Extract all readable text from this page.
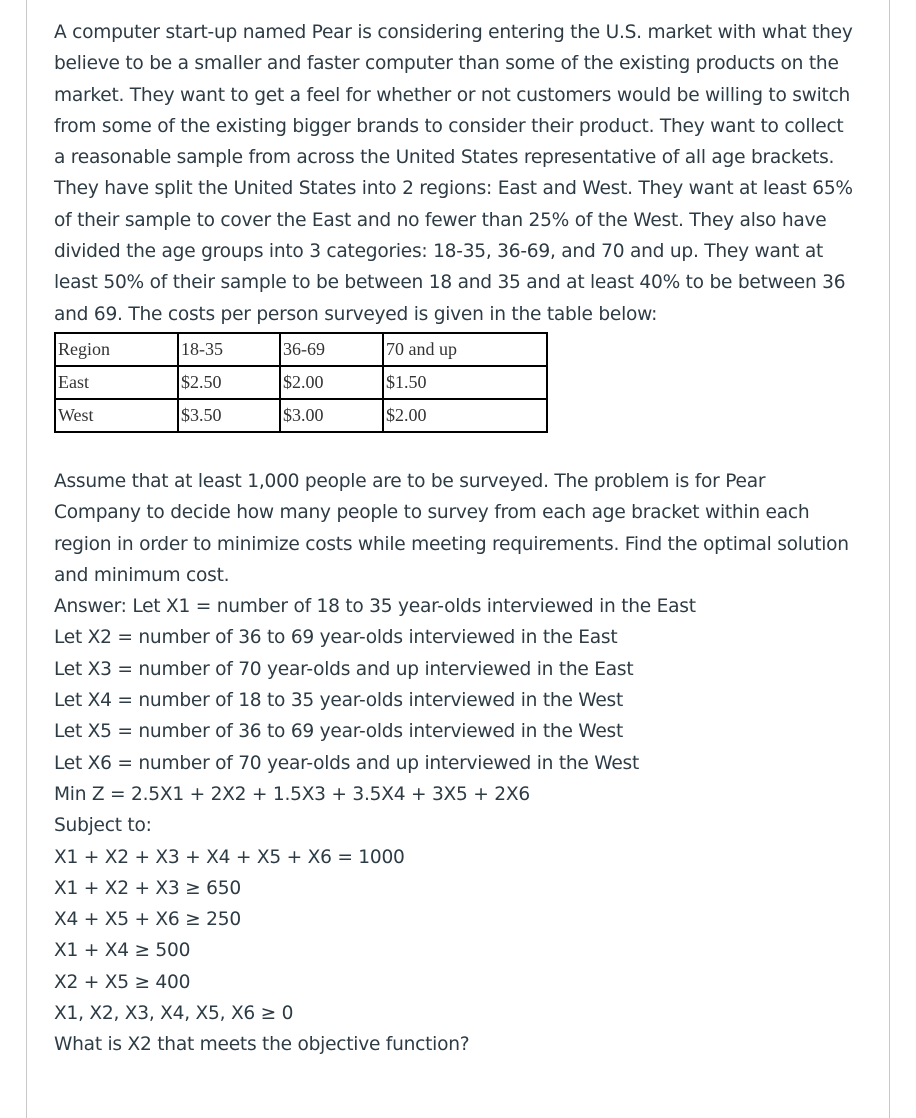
A computer start-up named Pear is considering entering the U.S. market with what they believe to be a smaller and faster computer than some of the existing products on the market. They want to get a feel for whether or not customers would be willing to switch from some of the existing bigger brands to consider their product. They want to collect a reasonable sample from across the United States representative of all age brackets. They have split the United States into 2 regions: East and West. They want at least 65% of their sample to cover the East and no fewer than 25% of the West. They also have divided the age groups into 3 categories: 18-35, 36-69, and 70 and up. They want at least 50% of their sample to be between 18 and 35 and at least 40% to be between 36 and 69. The costs per person surveyed is given in the table below:

Region	18-35	36-69	70 and up
East	$2.50	$2.00	$1.50
West	$3.50	$3.00	$2.00

Assume that at least 1,000 people are to be surveyed. The problem is for Pear Company to decide how many people to survey from each age bracket within each region in order to minimize costs while meeting requirements. Find the optimal solution and minimum cost.

Answer: Let X1 = number of 18 to 35 year-olds interviewed in the East
Let X2 = number of 36 to 69 year-olds interviewed in the East
Let X3 = number of 70 year-olds and up interviewed in the East
Let X4 = number of 18 to 35 year-olds interviewed in the West
Let X5 = number of 36 to 69 year-olds interviewed in the West
Let X6 = number of 70 year-olds and up interviewed in the West
Min Z = 2.5X1 + 2X2 + 1.5X3 + 3.5X4 + 3X5 + 2X6
Subject to:
X1 + X2 + X3 + X4 + X5 + X6 = 1000
X1 + X2 + X3 ≥ 650
X4 + X5 + X6 ≥ 250
X1 + X4 ≥ 500
X2 + X5 ≥ 400
X1, X2, X3, X4, X5, X6 ≥ 0
What is X2 that meets the objective function?
